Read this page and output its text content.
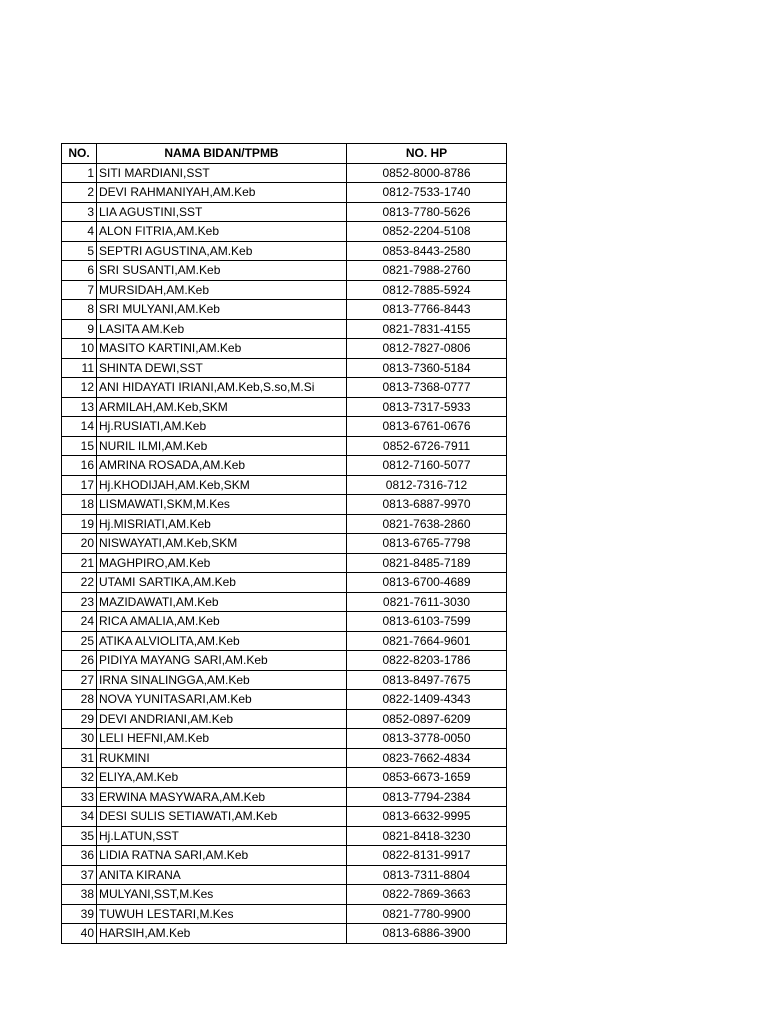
NO.	NAMA BIDAN/TPMB	NO. HP
1	SITI MARDIANI,SST	0852-8000-8786
2	DEVI RAHMANIYAH,AM.Keb	0812-7533-1740
3	LIA AGUSTINI,SST	0813-7780-5626
4	ALON FITRIA,AM.Keb	0852-2204-5108
5	SEPTRI AGUSTINA,AM.Keb	0853-8443-2580
6	SRI SUSANTI,AM.Keb	0821-7988-2760
7	MURSIDAH,AM.Keb	0812-7885-5924
8	SRI MULYANI,AM.Keb	0813-7766-8443
9	LASITA AM.Keb	0821-7831-4155
10	MASITO KARTINI,AM.Keb	0812-7827-0806
11	SHINTA DEWI,SST	0813-7360-5184
12	ANI HIDAYATI IRIANI,AM.Keb,S.so,M.Si	0813-7368-0777
13	ARMILAH,AM.Keb,SKM	0813-7317-5933
14	Hj.RUSIATI,AM.Keb	0813-6761-0676
15	NURIL ILMI,AM.Keb	0852-6726-7911
16	AMRINA ROSADA,AM.Keb	0812-7160-5077
17	Hj.KHODIJAH,AM.Keb,SKM	0812-7316-712
18	LISMAWATI,SKM,M.Kes	0813-6887-9970
19	Hj.MISRIATI,AM.Keb	0821-7638-2860
20	NISWAYATI,AM.Keb,SKM	0813-6765-7798
21	MAGHPIRO,AM.Keb	0821-8485-7189
22	UTAMI SARTIKA,AM.Keb	0813-6700-4689
23	MAZIDAWATI,AM.Keb	0821-7611-3030
24	RICA AMALIA,AM.Keb	0813-6103-7599
25	ATIKA ALVIOLITA,AM.Keb	0821-7664-9601
26	PIDIYA MAYANG SARI,AM.Keb	0822-8203-1786
27	IRNA SINALINGGA,AM.Keb	0813-8497-7675
28	NOVA YUNITASARI,AM.Keb	0822-1409-4343
29	DEVI ANDRIANI,AM.Keb	0852-0897-6209
30	LELI HEFNI,AM.Keb	0813-3778-0050
31	RUKMINI	0823-7662-4834
32	ELIYA,AM.Keb	0853-6673-1659
33	ERWINA MASYWARA,AM.Keb	0813-7794-2384
34	DESI SULIS SETIAWATI,AM.Keb	0813-6632-9995
35	Hj.LATUN,SST	0821-8418-3230
36	LIDIA RATNA SARI,AM.Keb	0822-8131-9917
37	ANITA KIRANA	0813-7311-8804
38	MULYANI,SST,M.Kes	0822-7869-3663
39	TUWUH LESTARI,M.Kes	0821-7780-9900
40	HARSIH,AM.Keb	0813-6886-3900
